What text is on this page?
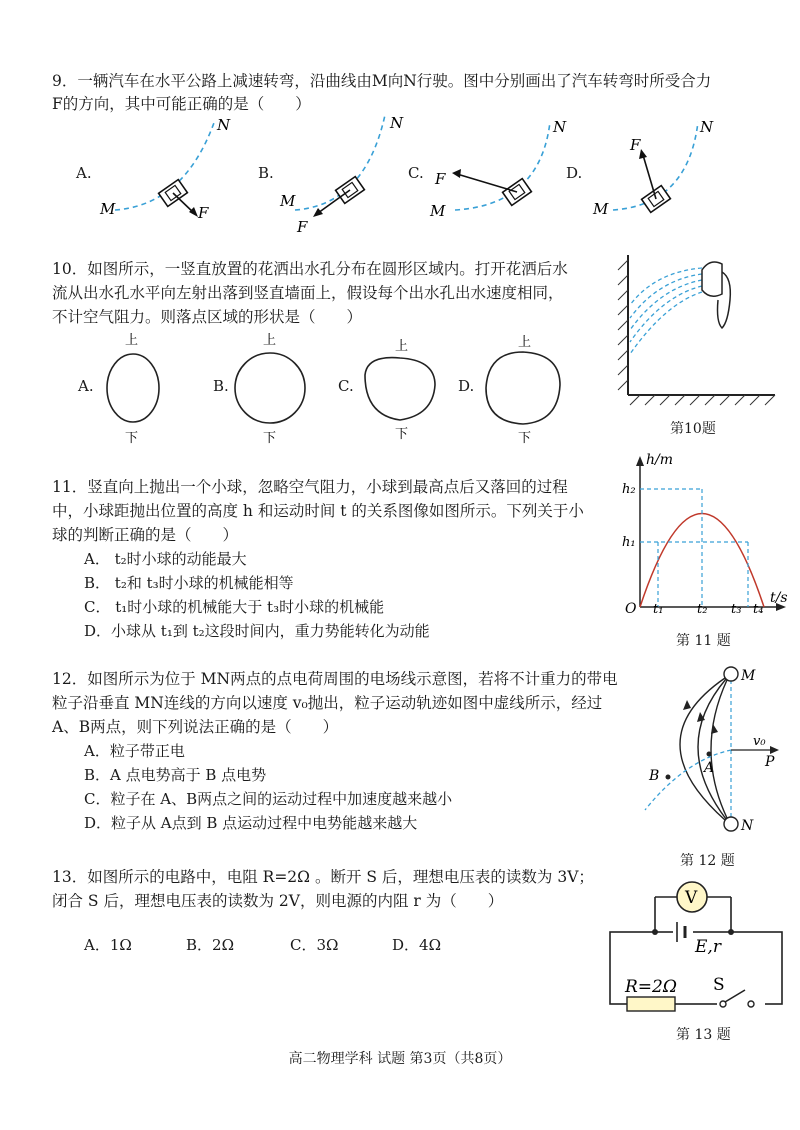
9．一辆汽车在水平公路上减速转弯，沿曲线由M向N行驶。图中分别画出了汽车转弯时所受合力
F的方向，其中可能正确的是（　　）
A.
M
N
F
B.
M
N
F
C.
M
N
F	D.
M
N
F
10．如图所示，一竖直放置的花洒出水孔分布在圆形区域内。打开花洒后水
流从出水孔水平向左射出落到竖直墙面上，假设每个出水孔出水速度相同，
不计空气阻力。则落点区域的形状是（　　）
A.
上
下
B.
上
下
C.
上
下
D.
上
下
第10题
11．竖直向上抛出一个小球，忽略空气阻力，小球到最高点后又落回的过程
中，小球距抛出位置的高度 h 和运动时间 t 的关系图像如图所示。下列关于小
球的判断正确的是（　　）
A． t₂时小球的动能最大
B． t₂和 t₃时小球的机械能相等
C． t₁时小球的机械能大于 t₃时小球的机械能
D．小球从 t₁到 t₂这段时间内，重力势能转化为动能
h/m
t/s
O
h₂
h₁
t₁	t₂ t₃ t₄
第 11 题
12．如图所示为位于 MN两点的点电荷周围的电场线示意图，若将不计重力的带电
粒子沿垂直 MN连线的方向以速度 v₀抛出，粒子运动轨迹如图中虚线所示，经过
A、B两点，则下列说法正确的是（　　）
A．粒子带正电
B．A 点电势高于 B 点电势
C．粒子在 A、B两点之间的运动过程中加速度越来越小
D．粒子从 A点到 B 点运动过程中电势能越来越大
M
N
A
B
P
v₀
第 12 题
13．如图所示的电路中，电阻 R=2Ω 。断开 S 后，理想电压表的读数为 3V；
闭合 S 后，理想电压表的读数为 2V，则电源的内阻 r 为（　　）
A．1Ω	B．2Ω	C．3Ω	D．4Ω
V
E,r
R=2Ω S
第 13 题
高二物理学科 试题 第3页（共8页）
